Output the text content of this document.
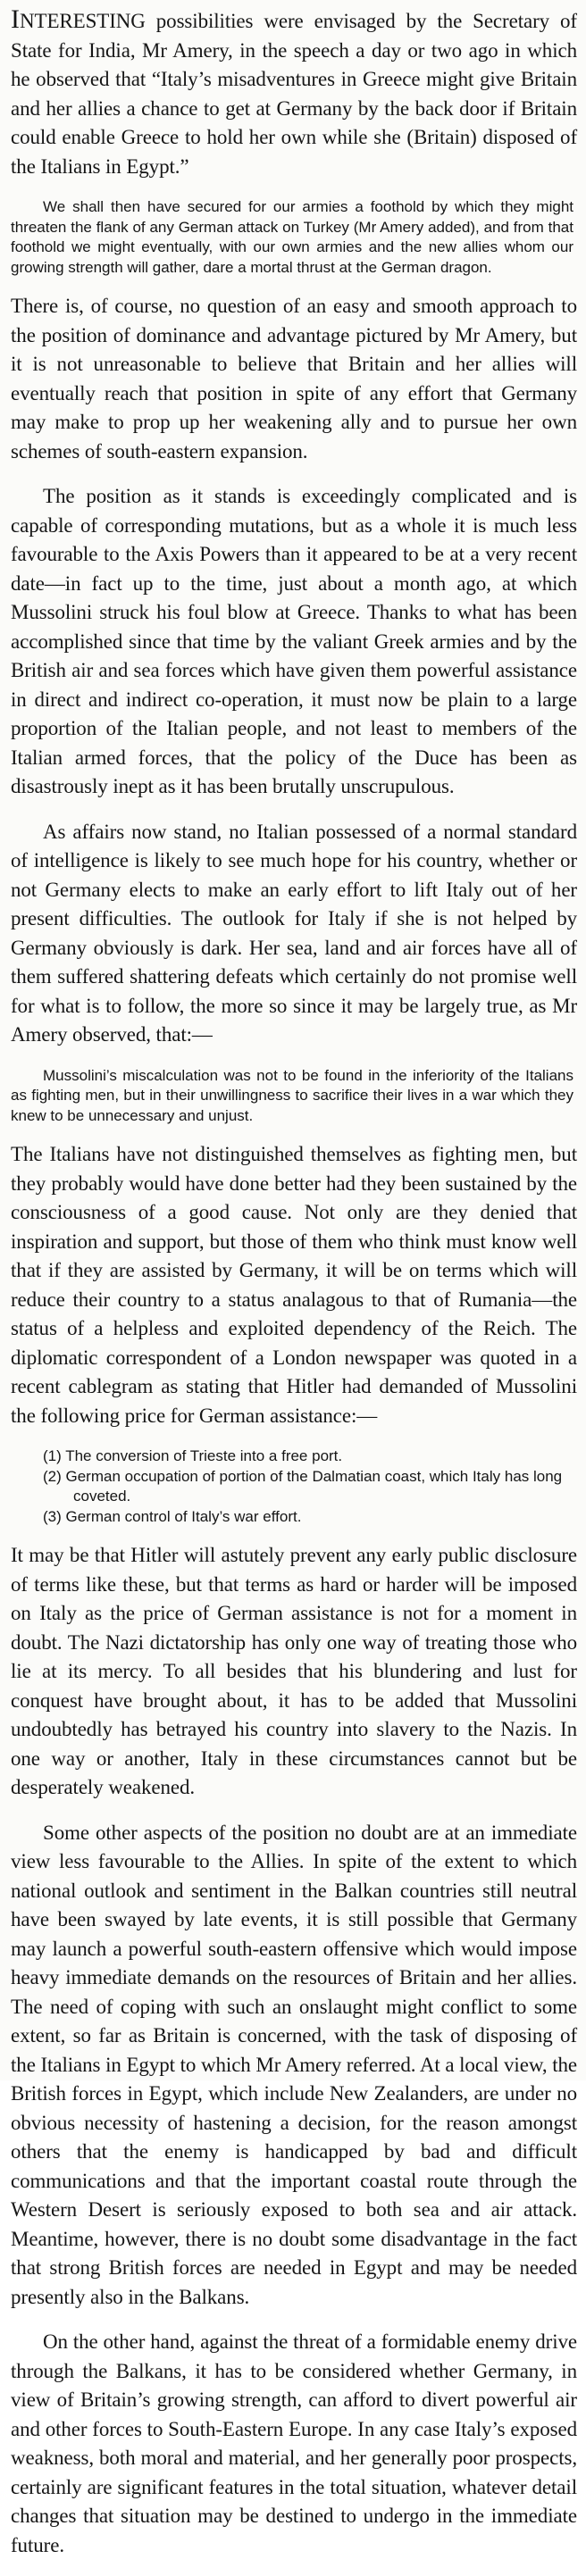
INTERESTING possibilities were envisaged by the Secretary of State for India, Mr Amery, in the speech a day or two ago in which he observed that “Italy’s misadventures in Greece might give Britain and her allies a chance to get at Germany by the back door if Britain could enable Greece to hold her own while she (Britain) disposed of the Italians in Egypt.”

We shall then have secured for our armies a foothold by which they might threaten the flank of any German attack on Turkey (Mr Amery added), and from that foothold we might eventually, with our own armies and the new allies whom our growing strength will gather, dare a mortal thrust at the German dragon.

There is, of course, no question of an easy and smooth approach to the position of dominance and advantage pictured by Mr Amery, but it is not unreasonable to believe that Britain and her allies will eventually reach that position in spite of any effort that Germany may make to prop up her weakening ally and to pursue her own schemes of south-eastern expansion.

The position as it stands is exceedingly complicated and is capable of corresponding mutations, but as a whole it is much less favourable to the Axis Powers than it appeared to be at a very recent date—in fact up to the time, just about a month ago, at which Mussolini struck his foul blow at Greece. Thanks to what has been accomplished since that time by the valiant Greek armies and by the British air and sea forces which have given them powerful assistance in direct and indirect co-operation, it must now be plain to a large proportion of the Italian people, and not least to members of the Italian armed forces, that the policy of the Duce has been as disastrously inept as it has been brutally unscrupulous.

As affairs now stand, no Italian possessed of a normal standard of intelligence is likely to see much hope for his country, whether or not Germany elects to make an early effort to lift Italy out of her present difficulties. The outlook for Italy if she is not helped by Germany obviously is dark. Her sea, land and air forces have all of them suffered shattering defeats which certainly do not promise well for what is to follow, the more so since it may be largely true, as Mr Amery observed, that:—

Mussolini’s miscalculation was not to be found in the inferiority of the Italians as fighting men, but in their unwillingness to sacrifice their lives in a war which they knew to be unnecessary and unjust.

The Italians have not distinguished themselves as fighting men, but they probably would have done better had they been sustained by the consciousness of a good cause. Not only are they denied that inspiration and support, but those of them who think must know well that if they are assisted by Germany, it will be on terms which will reduce their country to a status analagous to that of Rumania—the status of a helpless and exploited dependency of the Reich. The diplomatic correspondent of a London newspaper was quoted in a recent cablegram as stating that Hitler had demanded of Mussolini the following price for German assistance:—

(1) The conversion of Trieste into a free port.
(2) German occupation of portion of the Dalmatian coast, which Italy has long coveted.
(3) German control of Italy’s war effort.

It may be that Hitler will astutely prevent any early public disclosure of terms like these, but that terms as hard or harder will be imposed on Italy as the price of German assistance is not for a moment in doubt. The Nazi dictatorship has only one way of treating those who lie at its mercy. To all besides that his blundering and lust for conquest have brought about, it has to be added that Mussolini undoubtedly has betrayed his country into slavery to the Nazis. In one way or another, Italy in these circumstances cannot but be desperately weakened.

Some other aspects of the position no doubt are at an immediate view less favourable to the Allies. In spite of the extent to which national outlook and sentiment in the Balkan countries still neutral have been swayed by late events, it is still possible that Germany may launch a powerful south-eastern offensive which would impose heavy immediate demands on the resources of Britain and her allies. The need of coping with such an onslaught might conflict to some extent, so far as Britain is concerned, with the task of disposing of the Italians in Egypt to which Mr Amery referred. At a local view, the British forces in Egypt, which include New Zealanders, are under no obvious necessity of hastening a decision, for the reason amongst others that the enemy is handicapped by bad and difficult communications and that the important coastal route through the Western Desert is seriously exposed to both sea and air attack. Meantime, however, there is no doubt some disadvantage in the fact that strong British forces are needed in Egypt and may be needed presently also in the Balkans.

On the other hand, against the threat of a formidable enemy drive through the Balkans, it has to be considered whether Germany, in view of Britain’s growing strength, can afford to divert powerful air and other forces to South-Eastern Europe. In any case Italy’s exposed weakness, both moral and material, and her generally poor prospects, certainly are significant features in the total situation, whatever detail changes that situation may be destined to undergo in the immediate future.
